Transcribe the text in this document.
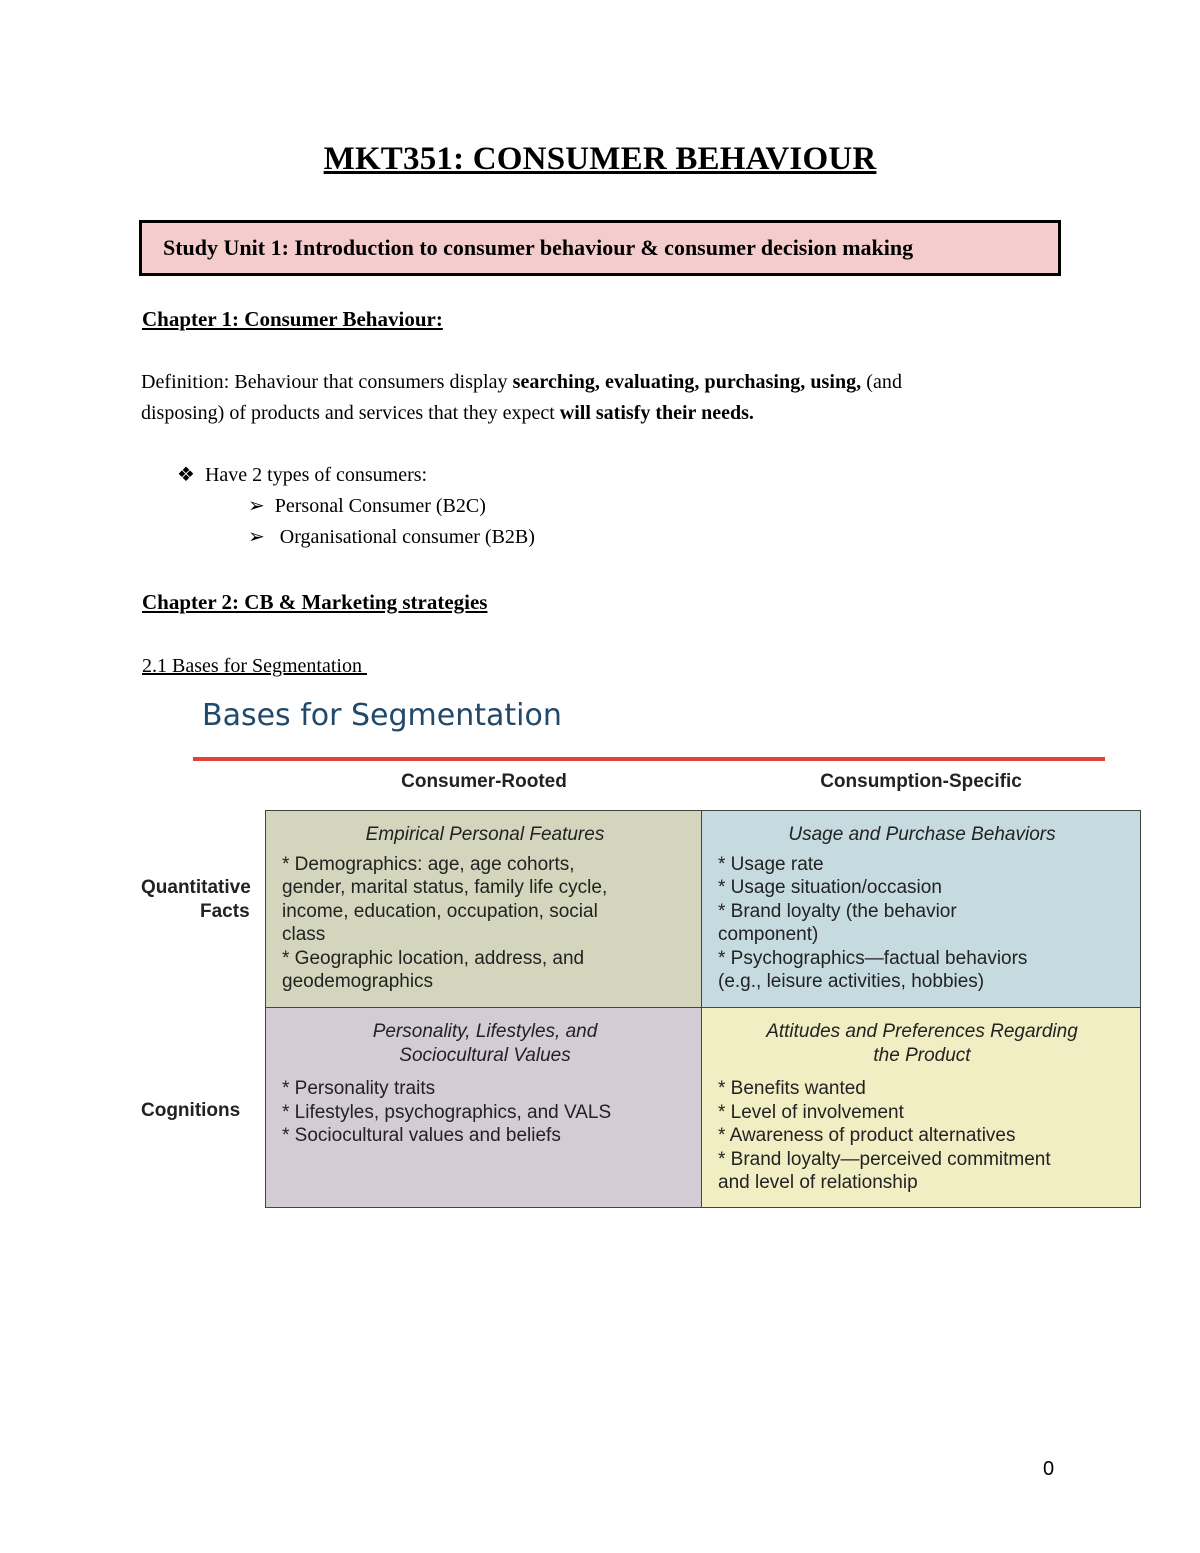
MKT351: CONSUMER BEHAVIOUR
Study Unit 1: Introduction to consumer behaviour & consumer decision making
Chapter 1: Consumer Behaviour:
Definition: Behaviour that consumers display searching, evaluating, purchasing, using, (and
disposing) of products and services that they expect will satisfy their needs.
❖ Have 2 types of consumers:
➢ Personal Consumer (B2C)
➢ Organisational consumer (B2B)
Chapter 2: CB & Marketing strategies
2.1 Bases for Segmentation
Bases for Segmentation
Consumer-Rooted	Consumption-Specific
Quantitative
Facts
Cognitions
Empirical Personal Features
* Demographics: age, age cohorts,
gender, marital status, family life cycle,
income, education, occupation, social
class
* Geographic location, address, and
geodemographics
Usage and Purchase Behaviors
* Usage rate
* Usage situation/occasion
* Brand loyalty (the behavior
component)
* Psychographics—factual behaviors
(e.g., leisure activities, hobbies)
Personality, Lifestyles, and
Sociocultural Values
* Personality traits
* Lifestyles, psychographics, and VALS
* Sociocultural values and beliefs
Attitudes and Preferences Regarding
the Product
* Benefits wanted
* Level of involvement
* Awareness of product alternatives
* Brand loyalty—perceived commitment
and level of relationship
0
